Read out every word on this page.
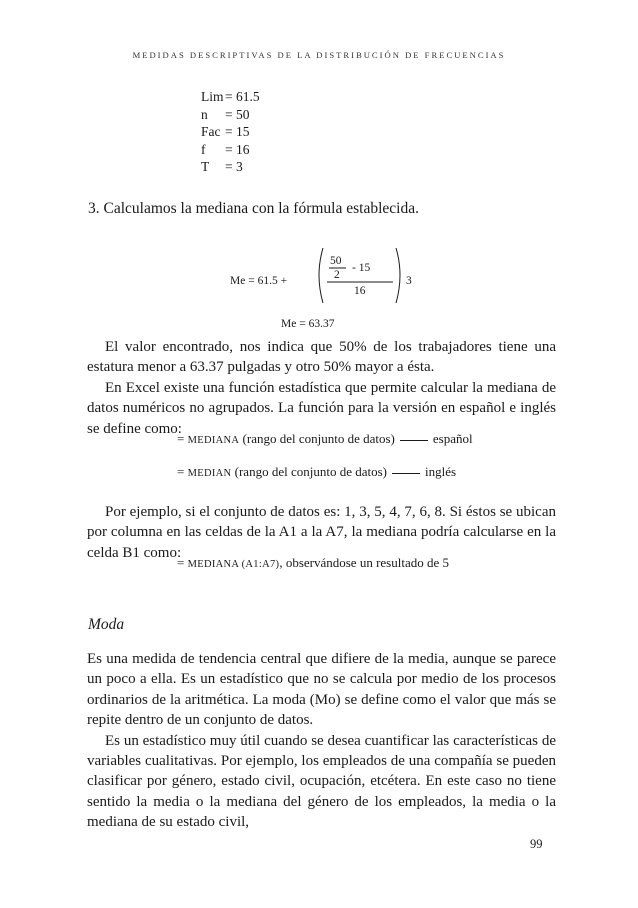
MEDIDAS DESCRIPTIVAS DE LA DISTRIBUCIÓN DE FRECUENCIAS
Lim = 61.5
n	= 50
Fac = 15
f	= 16
T	= 3
3. Calculamos la mediana con la fórmula establecida.
Me = 61.5 +
50
2
- 15
16
3
Me = 63.37

El valor encontrado, nos indica que 50% de los trabajadores tiene una estatura menor a 63.37 pulgadas y otro 50% mayor a ésta.

En Excel existe una función estadística que permite calcular la mediana de datos numéricos no agrupados. La función para la versión en español e inglés se define como:

= MEDIANA (rango del conjunto de datos)	español
= MEDIAN (rango del conjunto de datos)	inglés

Por ejemplo, si el conjunto de datos es: 1, 3, 5, 4, 7, 6, 8. Si éstos se ubican por columna en las celdas de la A1 a la A7, la mediana podría calcularse en la celda B1 como:

= MEDIANA (A1:A7), observándose un resultado de 5
Moda

Es una medida de tendencia central que difiere de la media, aunque se parece un poco a ella. Es un estadístico que no se calcula por medio de los procesos ordinarios de la aritmética. La moda (Mo) se define como el valor que más se repite dentro de un conjunto de datos.

Es un estadístico muy útil cuando se desea cuantificar las características de variables cualitativas. Por ejemplo, los empleados de una compañía se pueden clasificar por género, estado civil, ocupación, etcétera. En este caso no tiene sentido la media o la mediana del género de los empleados, la media o la mediana de su estado civil,

99
